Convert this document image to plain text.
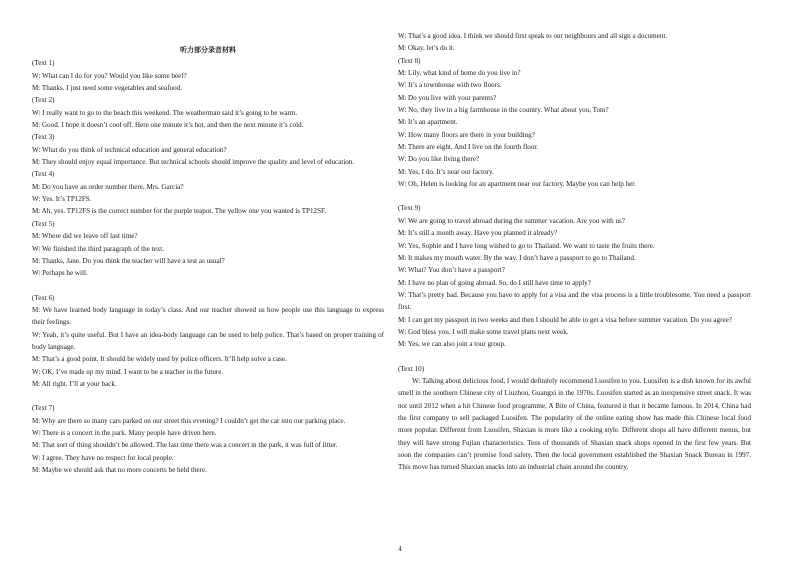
听力部分录音材料
(Text 1)
W: What can I do for you? Would you like some beef?
M: Thanks. I just need some vegetables and seafood.
(Text 2)
W: I really want to go to the beach this weekend. The weatherman said it’s going to be warm.
M: Good. I hope it doesn’t cool off. Here one minute it’s hot, and then the next minute it’s cold.
(Text 3)
W: What do you think of technical education and general education?
M: They should enjoy equal importance. But technical schools should improve the quality and level of education.
(Text 4)
M: Do you have an order number there, Mrs. Garcia?
W: Yes. It’s TP12FS.
M: Ah, yes. TP12FS is the correct number for the purple teapot. The yellow one you wanted is TP12SF.
(Text 5)
M: Where did we leave off last time?
W: We finished the third paragraph of the text.
M: Thanks, Jane. Do you think the teacher will have a test as usual?
W: Perhaps he will.
(Text 6)
M: We have learned body language in today’s class. And our teacher showed us how people use this language to express their feelings.
W: Yeah, it’s quite useful. But I have an idea-body language can be used to help police. That’s based on proper training of body language.
M: That’s a good point. It should be widely used by police officers. It’ll help solve a case.
W: OK. I’ve made up my mind. I want to be a teacher in the future.
M: All right. I’ll at your back.
(Text 7)
M: Why are there so many cars parked on our street this evening? I couldn’t get the car into our parking place.
W: There is a concert in the park. Many people have driven here.
M: That sort of thing shouldn’t be allowed. The last time there was a concert in the park, it was full of litter.
W: I agree. They have no respect for local people.
M: Maybe we should ask that no more concerts be held there.
W: That’s a good idea. I think we should first speak to our neighbours and all sign a document.
M: Okay, let’s do it.
(Text 8)
M: Lily, what kind of home do you live in?
W: It’s a townhouse with two floors.
M: Do you live with your parents?
W: No, they live in a big farmhouse in the country. What about you, Tom?
M: It’s an apartment.
W: How many floors are there in your building?
M: There are eight. And I live on the fourth floor.
W: Do you like living there?
M: Yes, I do. It’s near our factory.
W: Oh, Helen is looking for an apartment near our factory. Maybe you can help her.
(Text 9)
W: We are going to travel abroad during the summer vacation. Are you with us?
M: It’s still a month away. Have you planned it already?
W: Yes, Sophie and I have long wished to go to Thailand. We want to taste the fruits there.
M: It makes my mouth water. By the way. I don’t have a passport to go to Thailand.
W: What? You don’t have a passport?
M: I have no plan of going abroad. So, do I still have time to apply?
W: That’s pretty bad. Because you have to apply for a visa and the visa process is a little troublesome. You need a passport first.
M: I can get my passport in two weeks and then I should be able to get a visa before summer vacation. Do you agree?
W: God bless you. I will make some travel plans next week.
M: Yes, we can also join a tour group.
(Text 10)
W: Talking about delicious food, I would definitely recommend Luosifen to you. Luosifen is a dish known for its awful smell in the southern Chinese city of Liuzhou, Guangxi in the 1970s. Luosifen started as an inexpensive street snack. It was not until 2012 when a hit Chinese food programme, A Bite of China, featured it that it became famous. In 2014, China had the first company to sell packaged Luosifen. The popularity of the online eating show has made this Chinese local food more popular. Different from Luosifen, Shaxian is more like a cooking style. Different shops all have different menus, but they will have strong Fujian characteristics. Tens of thousands of Shaxian snack shops opened in the first few years. But soon the companies can’t promise food safety. Then the local government established the Shaxian Snack Bureau in 1997. This move has turned Shaxian snacks into an industrial chain around the country.
4
